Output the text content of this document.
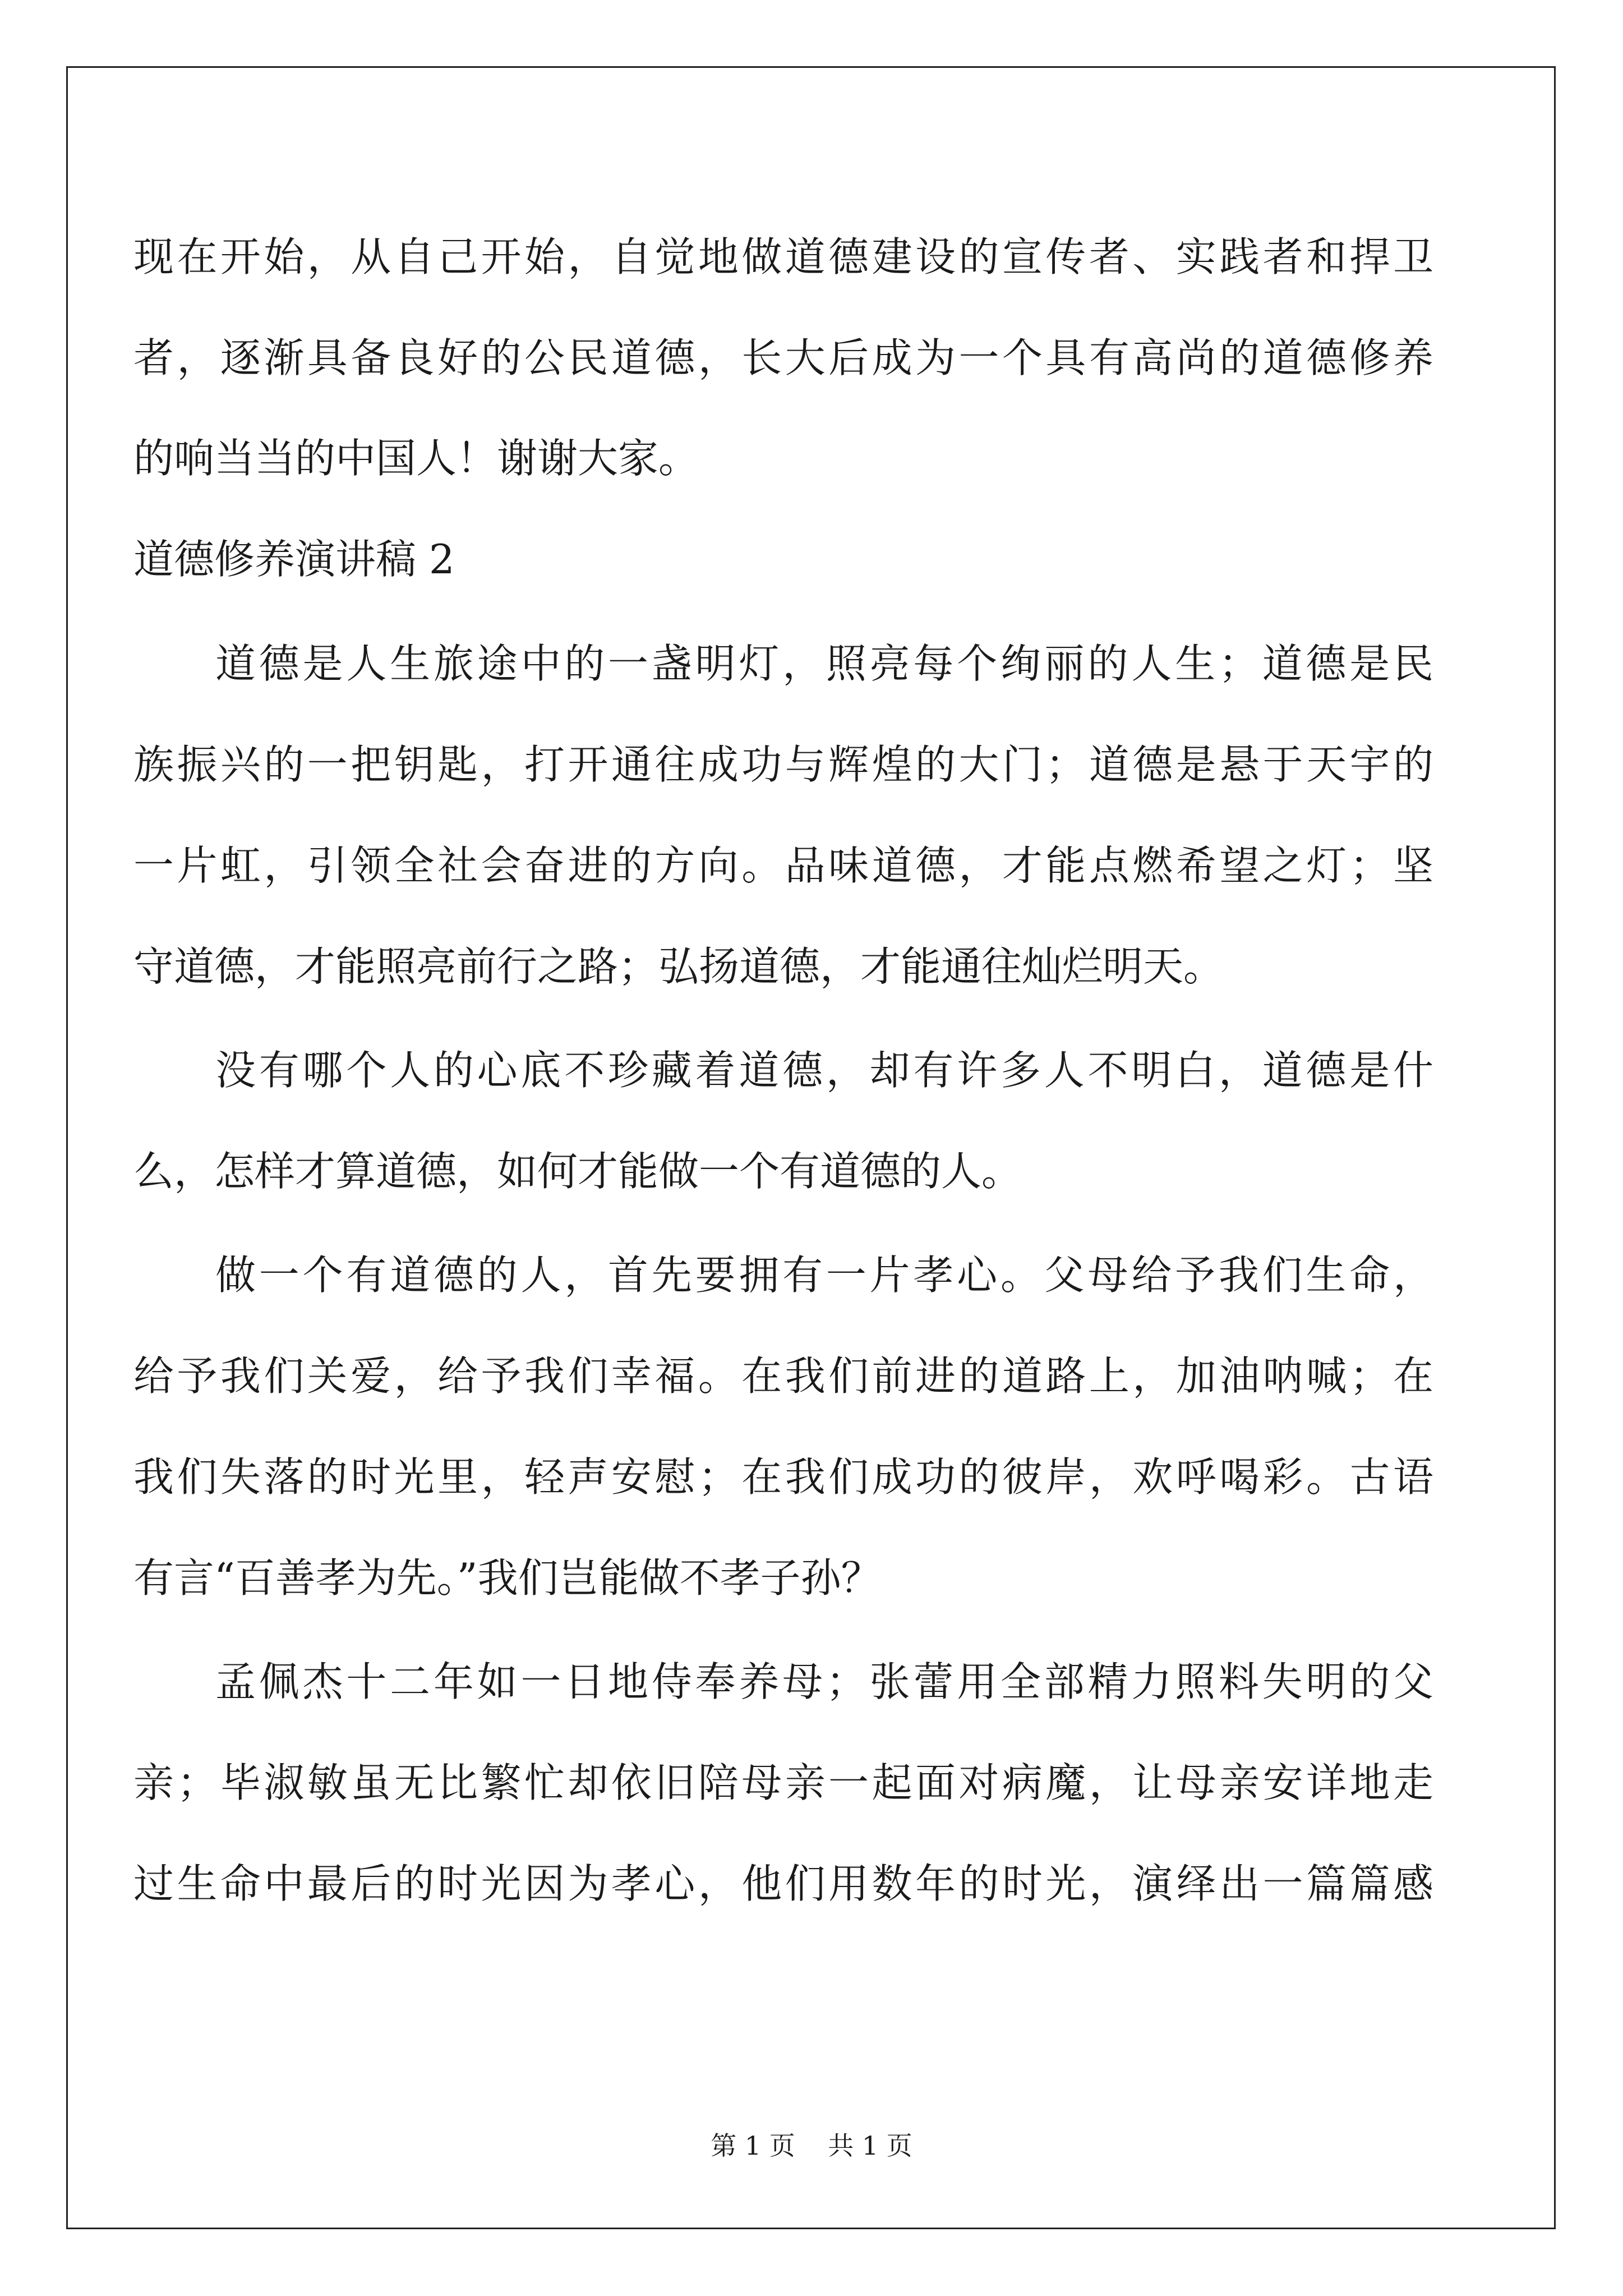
现在开始，从自己开始，自觉地做道德建设的宣传者、实践者和捍卫
者，逐渐具备良好的公民道德，长大后成为一个具有高尚的道德修养
的响当当的中国人！谢谢大家。
道德修养演讲稿 2
道德是人生旅途中的一盏明灯，照亮每个绚丽的人生；道德是民
族振兴的一把钥匙，打开通往成功与辉煌的大门；道德是悬于天宇的
一片虹，引领全社会奋进的方向。品味道德，才能点燃希望之灯；坚
守道德，才能照亮前行之路；弘扬道德，才能通往灿烂明天。
没有哪个人的心底不珍藏着道德，却有许多人不明白，道德是什
么，怎样才算道德，如何才能做一个有道德的人。
做一个有道德的人，首先要拥有一片孝心。父母给予我们生命，
给予我们关爱，给予我们幸福。在我们前进的道路上，加油呐喊；在
我们失落的时光里，轻声安慰；在我们成功的彼岸，欢呼喝彩。古语
有言“百善孝为先。”我们岂能做不孝子孙？
孟佩杰十二年如一日地侍奉养母；张蕾用全部精力照料失明的父
亲；毕淑敏虽无比繁忙却依旧陪母亲一起面对病魔，让母亲安详地走
过生命中最后的时光因为孝心，他们用数年的时光，演绎出一篇篇感
第 1 页    共 1 页
